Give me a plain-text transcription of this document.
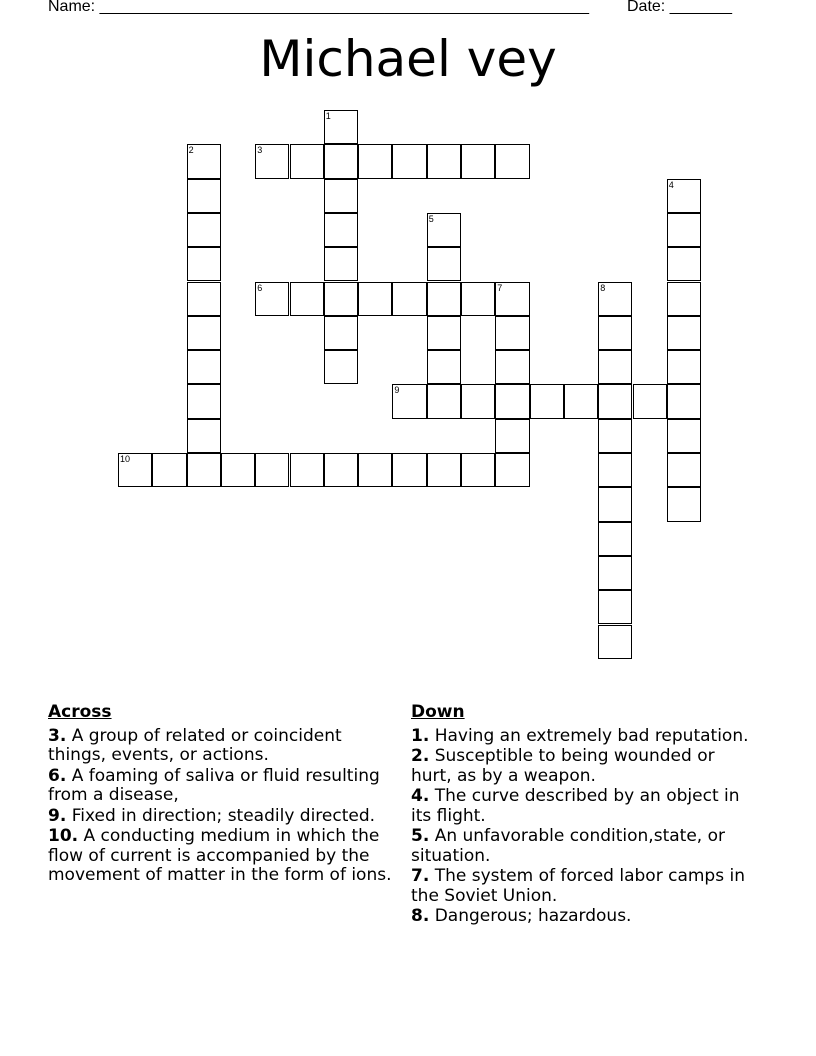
Name: _______________________________________________________ Date: _______
Michael vey
1
2	3
4
5
6	7	8
9
10
Across
3. A group of related or coincident things, events, or actions.
6. A foaming of saliva or fluid resulting from a disease,
9. Fixed in direction; steadily directed.
10. A conducting medium in which the flow of current is accompanied by the movement of matter in the form of ions.
Down
1. Having an extremely bad reputation.
2. Susceptible to being wounded or hurt, as by a weapon.
4. The curve described by an object in its flight.
5. An unfavorable condition,state, or situation.
7. The system of forced labor camps in the Soviet Union.
8. Dangerous; hazardous.
